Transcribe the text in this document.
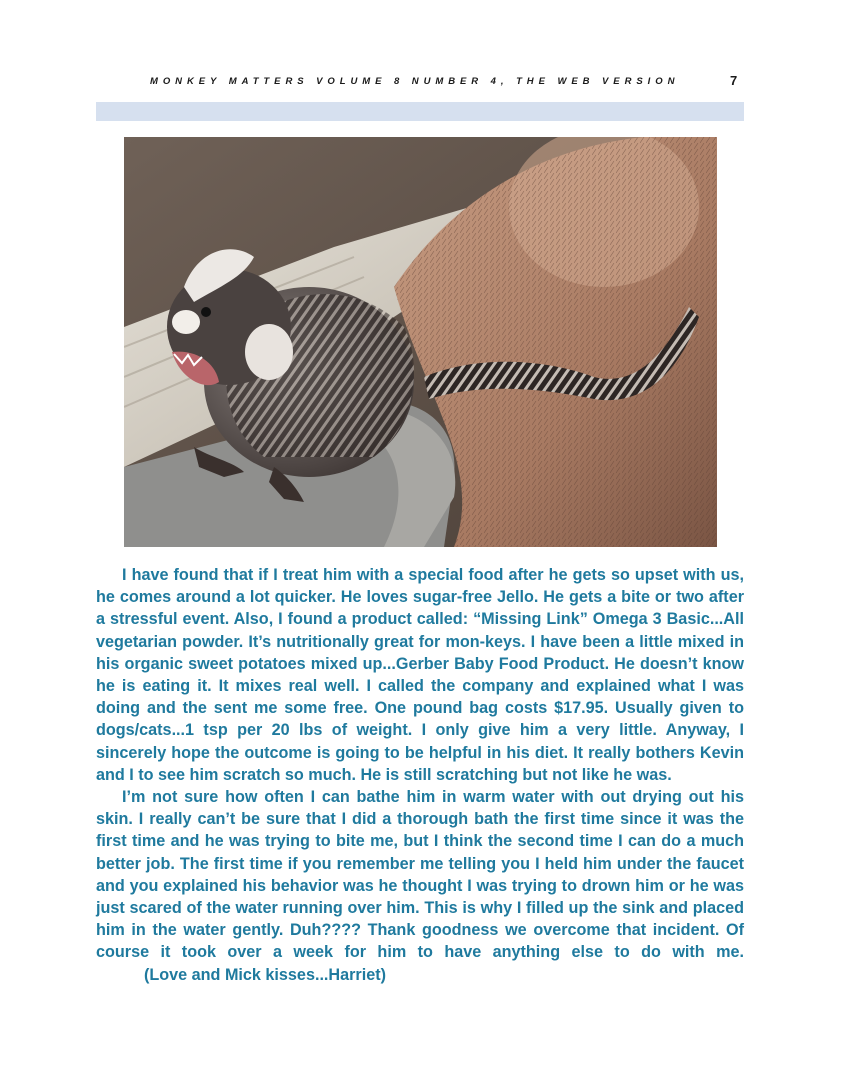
MONKEY MATTERS VOLUME 8 NUMBER 4, THE WEB VERSION	7

I have found that if I treat him with a special food after he gets so upset with us, he comes around a lot quicker. He loves sugar-free Jello. He gets a bite or two after a stressful event. Also, I found a product called: “Missing Link” Omega 3 Basic...All vegetarian powder. It’s nutritionally great for mon-keys. I have been a little mixed in his organic sweet potatoes mixed up...Gerber Baby Food Product. He doesn’t know he is eating it. It mixes real well. I called the company and explained what I was doing and the sent me some free. One pound bag costs $17.95. Usually given to dogs/cats...1 tsp per 20 lbs of weight. I only give him a very little. Anyway, I sincerely hope the outcome is going to be helpful in his diet. It really bothers Kevin and I to see him scratch so much. He is still scratching but not like he was.

I’m not sure how often I can bathe him in warm water with out drying out his skin. I really can’t be sure that I did a thorough bath the first time since it was the first time and he was trying to bite me, but I think the second time I can do a much better job. The first time if you remember me telling you I held him under the faucet and you explained his behavior was he thought I was trying to drown him or he was just scared of the water running over him. This is why I filled up the sink and placed him in the water gently. Duh???? Thank goodness we overcome that incident. Of course it took over a week for him to have anything else to do with me.

(Love and Mick kisses...Harriet)
